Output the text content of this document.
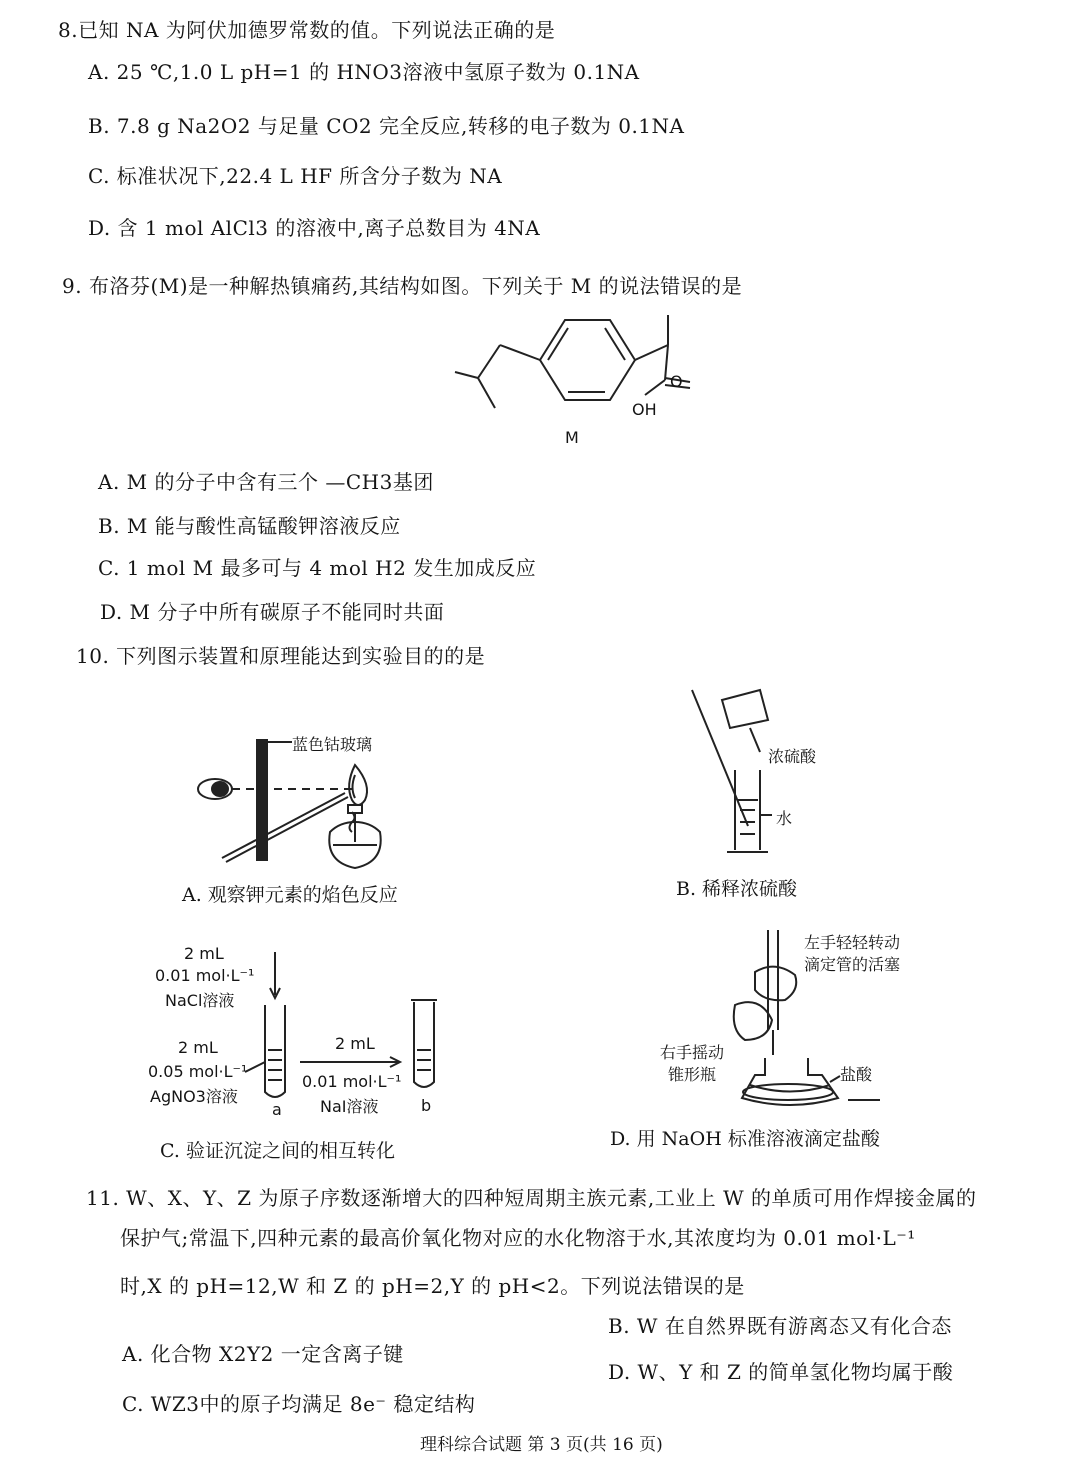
8.已知 NA 为阿伏加德罗常数的值。下列说法正确的是
A. 25 ℃,1.0 L pH=1 的 HNO3溶液中氢原子数为 0.1NA
B. 7.8 g Na2O2 与足量 CO2 完全反应,转移的电子数为 0.1NA
C. 标准状况下,22.4 L HF 所含分子数为 NA
D. 含 1 mol AlCl3 的溶液中,离子总数目为 4NA
9. 布洛芬(M)是一种解热镇痛药,其结构如图。下列关于 M 的说法错误的是
OH
O
M
A. M 的分子中含有三个 —CH3基团
B. M 能与酸性高锰酸钾溶液反应
C. 1 mol M 最多可与 4 mol H2 发生加成反应
D. M 分子中所有碳原子不能同时共面
10. 下列图示装置和原理能达到实验目的的是
蓝色钴玻璃
A. 观察钾元素的焰色反应
浓硫酸
水
B. 稀释浓硫酸
2 mL
0.01 mol·L⁻¹
NaCl溶液
2 mL
0.05 mol·L⁻¹
AgNO3溶液
2 mL
0.01 mol·L⁻¹
NaI溶液
a	b
C. 验证沉淀之间的相互转化
左手轻轻转动
滴定管的活塞
右手摇动
锥形瓶	盐酸
D. 用 NaOH 标准溶液滴定盐酸
11. W、X、Y、Z 为原子序数逐渐增大的四种短周期主族元素,工业上 W 的单质可用作焊接金属的
保护气;常温下,四种元素的最高价氧化物对应的水化物溶于水,其浓度均为 0.01 mol·L⁻¹
时,X 的 pH=12,W 和 Z 的 pH=2,Y 的 pH<2。下列说法错误的是
A. 化合物 X2Y2 一定含离子键
B. W 在自然界既有游离态又有化合态
C. WZ3中的原子均满足 8e⁻ 稳定结构
D. W、Y 和 Z 的简单氢化物均属于酸
理科综合试题 第 3 页(共 16 页)
